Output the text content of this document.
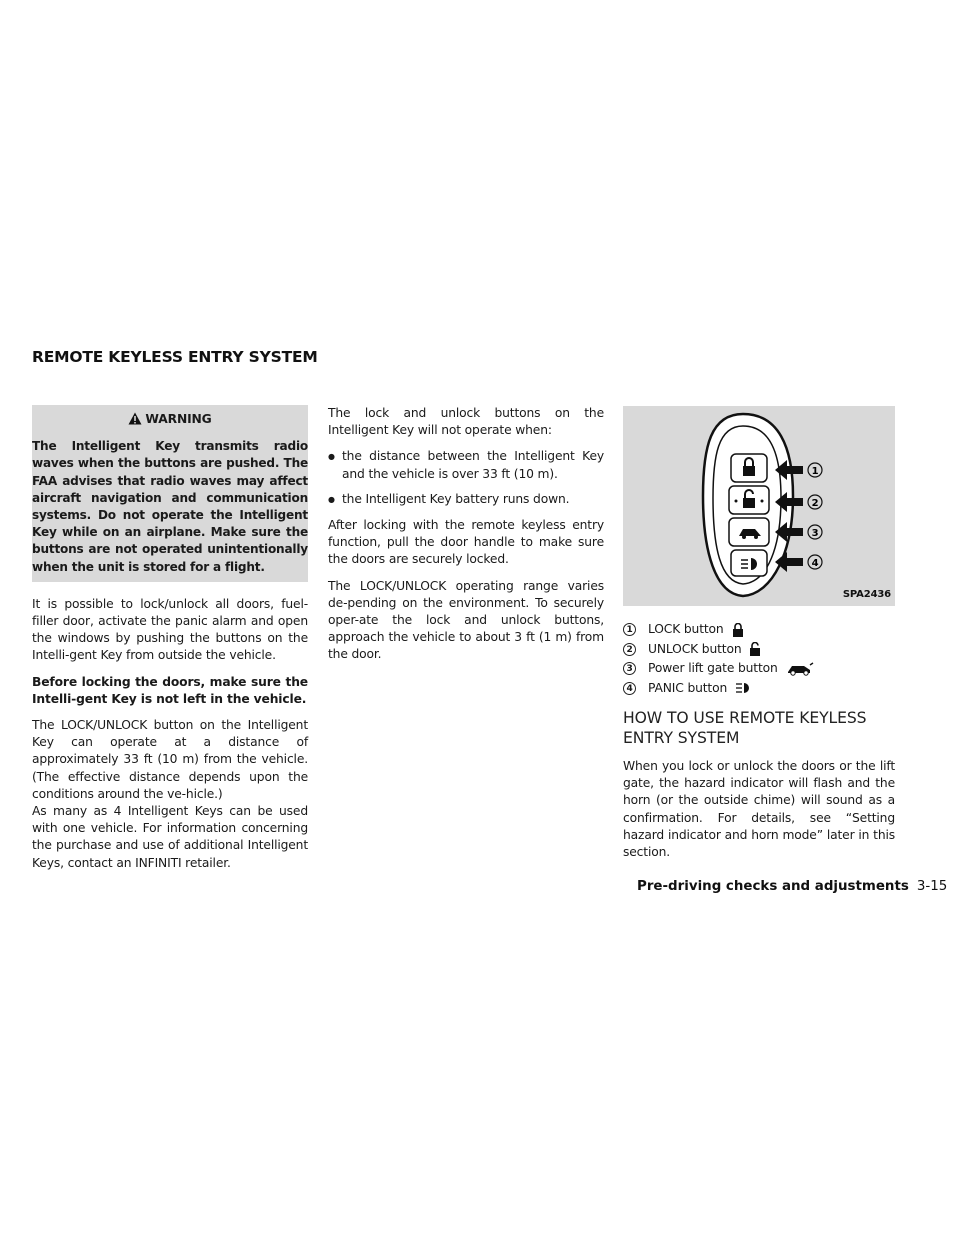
REMOTE KEYLESS ENTRY SYSTEM
WARNING
The Intelligent Key transmits radio waves when the buttons are pushed. The FAA advises that radio waves may affect aircraft navigation and communication systems. Do not operate the Intelligent Key while on an airplane. Make sure the buttons are not operated unintentionally when the unit is stored for a flight.

It is possible to lock/unlock all doors, fuel-filler door, activate the panic alarm and open the windows by pushing the buttons on the Intelli-gent Key from outside the vehicle.

Before locking the doors, make sure the Intelli-gent Key is not left in the vehicle.

The LOCK/UNLOCK button on the Intelligent Key can operate at a distance of approximately 33 ft (10 m) from the vehicle. (The effective distance depends upon the conditions around the ve-hicle.)

As many as 4 Intelligent Keys can be used with one vehicle. For information concerning the purchase and use of additional Intelligent Keys, contact an INFINITI retailer.

The lock and unlock buttons on the Intelligent Key will not operate when:

● the distance between the Intelligent Key and the vehicle is over 33 ft (10 m).
● the Intelligent Key battery runs down.

After locking with the remote keyless entry function, pull the door handle to make sure the doors are securely locked.

The LOCK/UNLOCK operating range varies de-pending on the environment. To securely oper-ate the lock and unlock buttons, approach the vehicle to about 3 ft (1 m) from the door.

1
2
3
4
SPA2436
1 LOCK button
2 UNLOCK button
3 Power lift gate button
4 PANIC button
HOW TO USE REMOTE KEYLESS ENTRY SYSTEM

When you lock or unlock the doors or the lift gate, the hazard indicator will flash and the horn (or the outside chime) will sound as a confirmation. For details, see “Setting hazard indicator and horn mode” later in this section.

Pre-driving checks and adjustments 3-15
